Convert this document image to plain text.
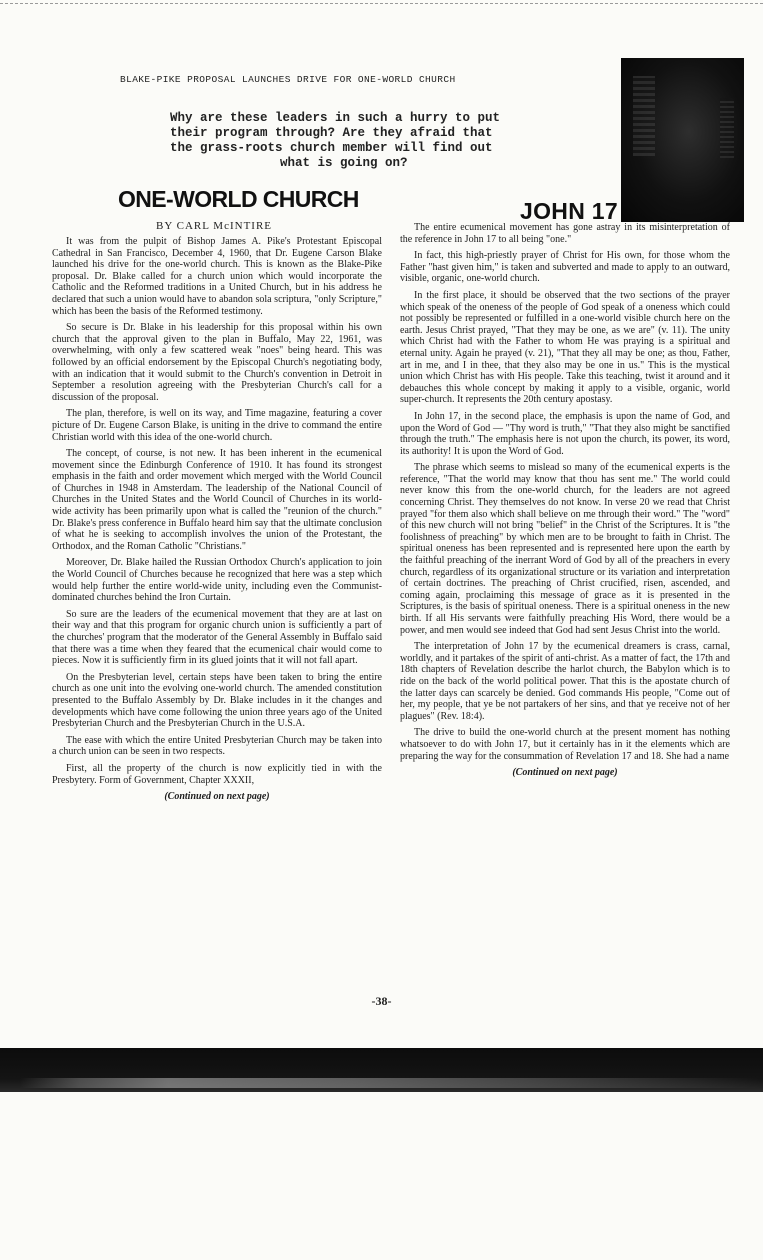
BLAKE-PIKE PROPOSAL LAUNCHES DRIVE FOR ONE-WORLD CHURCH
Why are these leaders in such a hurry to put
their program through? Are they afraid that
the grass-roots church member will find out
what is going on?
ONE-WORLD CHURCH	JOHN 17
BY CARL McINTIRE

It was from the pulpit of Bishop James A. Pike's Protestant Episcopal Cathedral in San Francisco, December 4, 1960, that Dr. Eugene Carson Blake launched his drive for the one-world church. This is known as the Blake-Pike proposal. Dr. Blake called for a church union which would incorporate the Catholic and the Reformed traditions in a United Church, but in his address he declared that such a union would have to abandon sola scriptura, "only Scripture," which has been the basis of the Reformed testimony.

So secure is Dr. Blake in his leadership for this proposal within his own church that the approval given to the plan in Buffalo, May 22, 1961, was overwhelming, with only a few scattered weak "noes" being heard. This was followed by an official endorsement by the Episcopal Church's negotiating body, with an indication that it would submit to the Church's convention in Detroit in September a resolution agreeing with the Presbyterian Church's call for a discussion of the proposal.

The plan, therefore, is well on its way, and Time magazine, featuring a cover picture of Dr. Eugene Carson Blake, is uniting in the drive to command the entire Christian world with this idea of the one-world church.

The concept, of course, is not new. It has been inherent in the ecumenical movement since the Edinburgh Conference of 1910. It has found its strongest emphasis in the faith and order movement which merged with the World Council of Churches in 1948 in Amsterdam. The leadership of the National Council of Churches in the United States and the World Council of Churches in its world-wide activity has been primarily upon what is called the "reunion of the church." Dr. Blake's press conference in Buffalo heard him say that the ultimate conclusion of what he is seeking to accomplish involves the union of the Protestant, the Orthodox, and the Roman Catholic "Christians."

Moreover, Dr. Blake hailed the Russian Orthodox Church's application to join the World Council of Churches because he recognized that here was a step which would help further the entire world-wide unity, including even the Communist-dominated churches behind the Iron Curtain.

So sure are the leaders of the ecumenical movement that they are at last on their way and that this program for organic church union is sufficiently a part of the churches' program that the moderator of the General Assembly in Buffalo said that there was a time when they feared that the ecumenical chair would come to pieces. Now it is sufficiently firm in its glued joints that it will not fall apart.

On the Presbyterian level, certain steps have been taken to bring the entire church as one unit into the evolving one-world church. The amended constitution presented to the Buffalo Assembly by Dr. Blake includes in it the changes and developments which have come following the union three years ago of the United Presbyterian Church and the Presbyterian Church in the U.S.A.

The ease with which the entire United Presbyterian Church may be taken into a church union can be seen in two respects.

First, all the property of the church is now explicitly tied in with the Presbytery. Form of Government, Chapter XXXII,

(Continued on next page)

The entire ecumenical movement has gone astray in its misinterpretation of the reference in John 17 to all being "one."

In fact, this high-priestly prayer of Christ for His own, for those whom the Father "hast given him," is taken and subverted and made to apply to an outward, visible, organic, one-world church.

In the first place, it should be observed that the two sections of the prayer which speak of the oneness of the people of God speak of a oneness which could not possibly be represented or fulfilled in a one-world visible church here on the earth. Jesus Christ prayed, "That they may be one, as we are" (v. 11). The unity which Christ had with the Father to whom He was praying is a spiritual and eternal unity. Again he prayed (v. 21), "That they all may be one; as thou, Father, art in me, and I in thee, that they also may be one in us." This is the mystical union which Christ has with His people. Take this teaching, twist it around and it debauches this whole concept by making it apply to a visible, organic, world super-church. It represents the 20th century apostasy.

In John 17, in the second place, the emphasis is upon the name of God, and upon the Word of God — "Thy word is truth," "That they also might be sanctified through the truth." The emphasis here is not upon the church, its power, its word, its authority! It is upon the Word of God.

The phrase which seems to mislead so many of the ecumenical experts is the reference, "That the world may know that thou has sent me." The world could never know this from the one-world church, for the leaders are not agreed concerning Christ. They themselves do not know. In verse 20 we read that Christ prayed "for them also which shall believe on me through their word." The "word" of this new church will not bring "belief" in the Christ of the Scriptures. It is "the foolishness of preaching" by which men are to be brought to faith in Christ. The spiritual oneness has been represented and is represented here upon the earth by the faithful preaching of the inerrant Word of God by all of the preachers in every church, regardless of its organizational structure or its variation and interpretation of certain doctrines. The preaching of Christ crucified, risen, ascended, and coming again, proclaiming this message of grace as it is presented in the Scriptures, is the basis of spiritual oneness. There is a spiritual oneness in the new birth. If all His servants were faithfully preaching His Word, there would be a power, and men would see indeed that God had sent Jesus Christ into the world.

The interpretation of John 17 by the ecumenical dreamers is crass, carnal, worldly, and it partakes of the spirit of anti-christ. As a matter of fact, the 17th and 18th chapters of Revelation describe the harlot church, the Babylon which is to ride on the back of the world political power. That this is the apostate church of the latter days can scarcely be denied. God commands His people, "Come out of her, my people, that ye be not partakers of her sins, and that ye receive not of her plagues" (Rev. 18:4).

The drive to build the one-world church at the present moment has nothing whatsoever to do with John 17, but it certainly has in it the elements which are preparing the way for the consummation of Revelation 17 and 18. She had a name

(Continued on next page)

-38-
